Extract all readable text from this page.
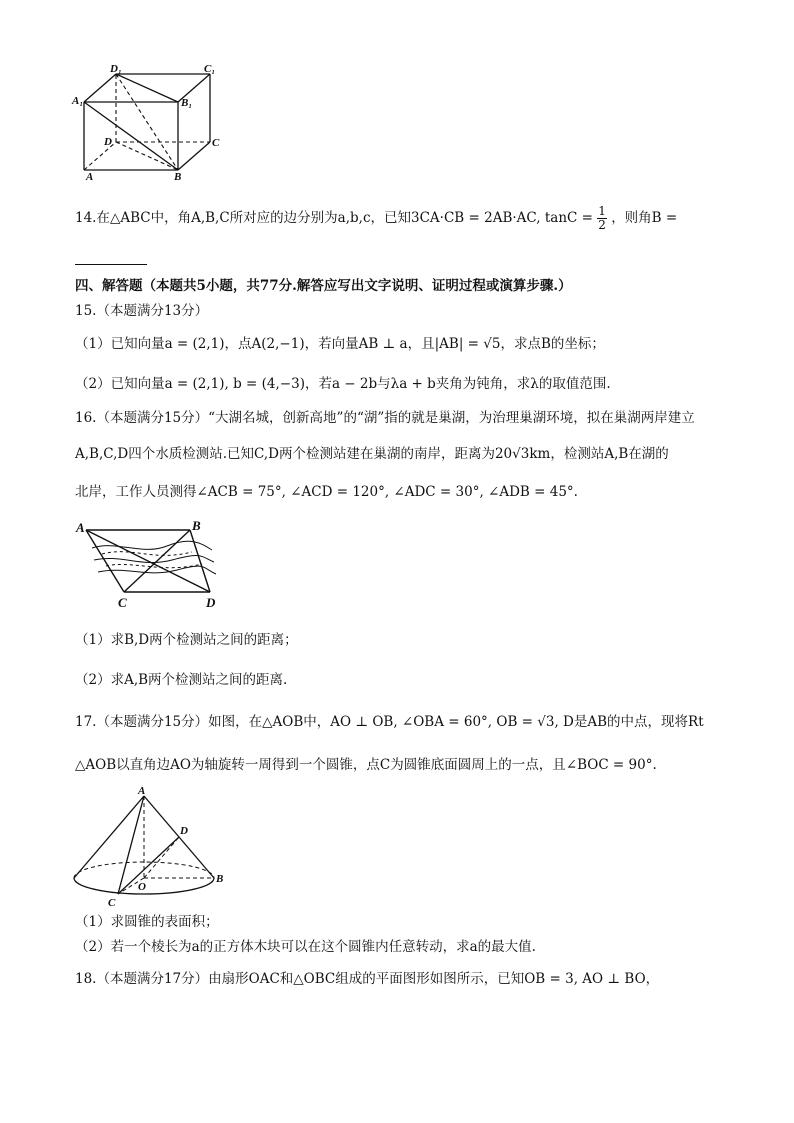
D₁	C₁
A₁	B₁
D	C
A	B
14.在△ABC中，角A,B,C所对应的边分别为a,b,c，已知3CA·CB = 2AB·AC, $\tan C = \frac{1}{2}$ ，则角B =
四、解答题（本题共5小题，共77分.解答应写出文字说明、证明过程或演算步骤.）
15.（本题满分13分）
（1）已知向量a = (2,1)，点A(2,−1)，若向量AB ⊥ a，且|AB| = √5，求点B的坐标；
（2）已知向量a = (2,1), b = (4,−3)，若a − 2b与λa + b夹角为钝角，求λ的取值范围.
16.（本题满分15分）“大湖名城，创新高地”的“湖”指的就是巢湖，为治理巢湖环境，拟在巢湖两岸建立
A,B,C,D四个水质检测站.已知C,D两个检测站建在巢湖的南岸，距离为20√3km，检测站A,B在湖的
北岸，工作人员测得∠ACB = 75°, ∠ACD = 120°, ∠ADC = 30°, ∠ADB = 45°.
A	B
C	D
（1）求B,D两个检测站之间的距离；
（2）求A,B两个检测站之间的距离.
17.（本题满分15分）如图，在△AOB中，AO ⊥ OB, ∠OBA = 60°, OB = √3, D是AB的中点，现将Rt
△AOB以直角边AO为轴旋转一周得到一个圆锥，点C为圆锥底面圆周上的一点，且∠BOC = 90°.
A
D
O
B
C
（1）求圆锥的表面积；
（2）若一个棱长为a的正方体木块可以在这个圆锥内任意转动，求a的最大值.
18.（本题满分17分）由扇形OAC和△OBC组成的平面图形如图所示，已知OB = 3, AO ⊥ BO，
